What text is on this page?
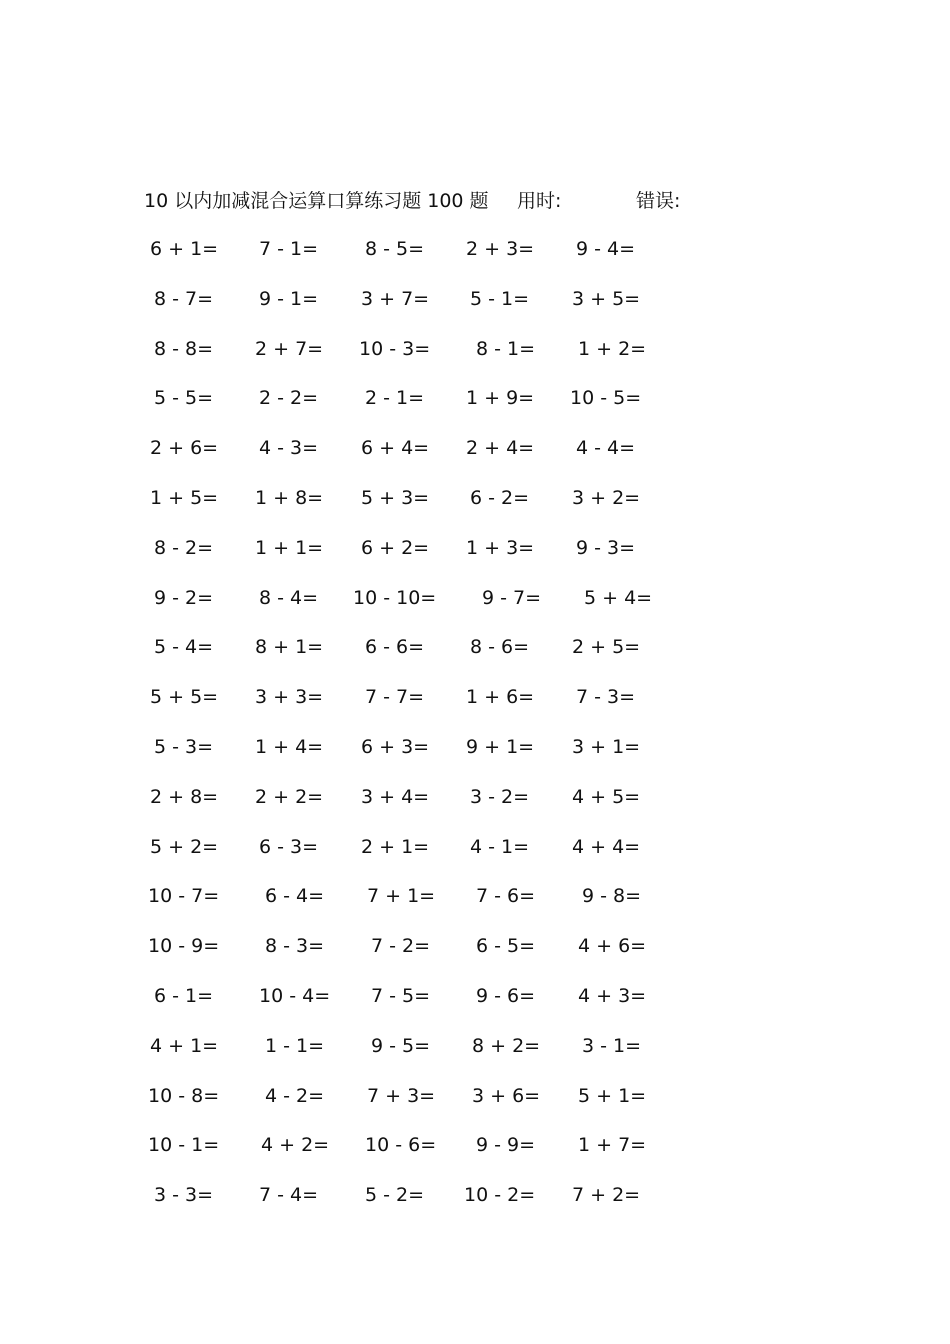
10 以内加减混合运算口算练习题 100 题 用时:	错误:
6 + 1= 7 - 1= 8 - 5= 2 + 3= 9 - 4=
8 - 7= 9 - 1= 3 + 7= 5 - 1= 3 + 5=
8 - 8= 2 + 7= 10 - 3= 8 - 1= 1 + 2=
5 - 5= 2 - 2= 2 - 1= 1 + 9= 10 - 5=
2 + 6= 4 - 3= 6 + 4= 2 + 4= 4 - 4=
1 + 5= 1 + 8= 5 + 3= 6 - 2= 3 + 2=
8 - 2= 1 + 1= 6 + 2= 1 + 3= 9 - 3=
9 - 2= 8 - 4= 10 - 10= 9 - 7= 5 + 4=
5 - 4= 8 + 1= 6 - 6= 8 - 6= 2 + 5=
5 + 5= 3 + 3= 7 - 7= 1 + 6= 7 - 3=
5 - 3= 1 + 4= 6 + 3= 9 + 1= 3 + 1=
2 + 8= 2 + 2= 3 + 4= 3 - 2= 4 + 5=
5 + 2= 6 - 3= 2 + 1= 4 - 1= 4 + 4=
10 - 7= 6 - 4= 7 + 1= 7 - 6= 9 - 8=
10 - 9= 8 - 3= 7 - 2= 6 - 5= 4 + 6=
6 - 1= 10 - 4= 7 - 5= 9 - 6= 4 + 3=
4 + 1= 1 - 1= 9 - 5= 8 + 2= 3 - 1=
10 - 8= 4 - 2= 7 + 3= 3 + 6= 5 + 1=
10 - 1= 4 + 2= 10 - 6= 9 - 9= 1 + 7=
3 - 3= 7 - 4= 5 - 2= 10 - 2= 7 + 2=
